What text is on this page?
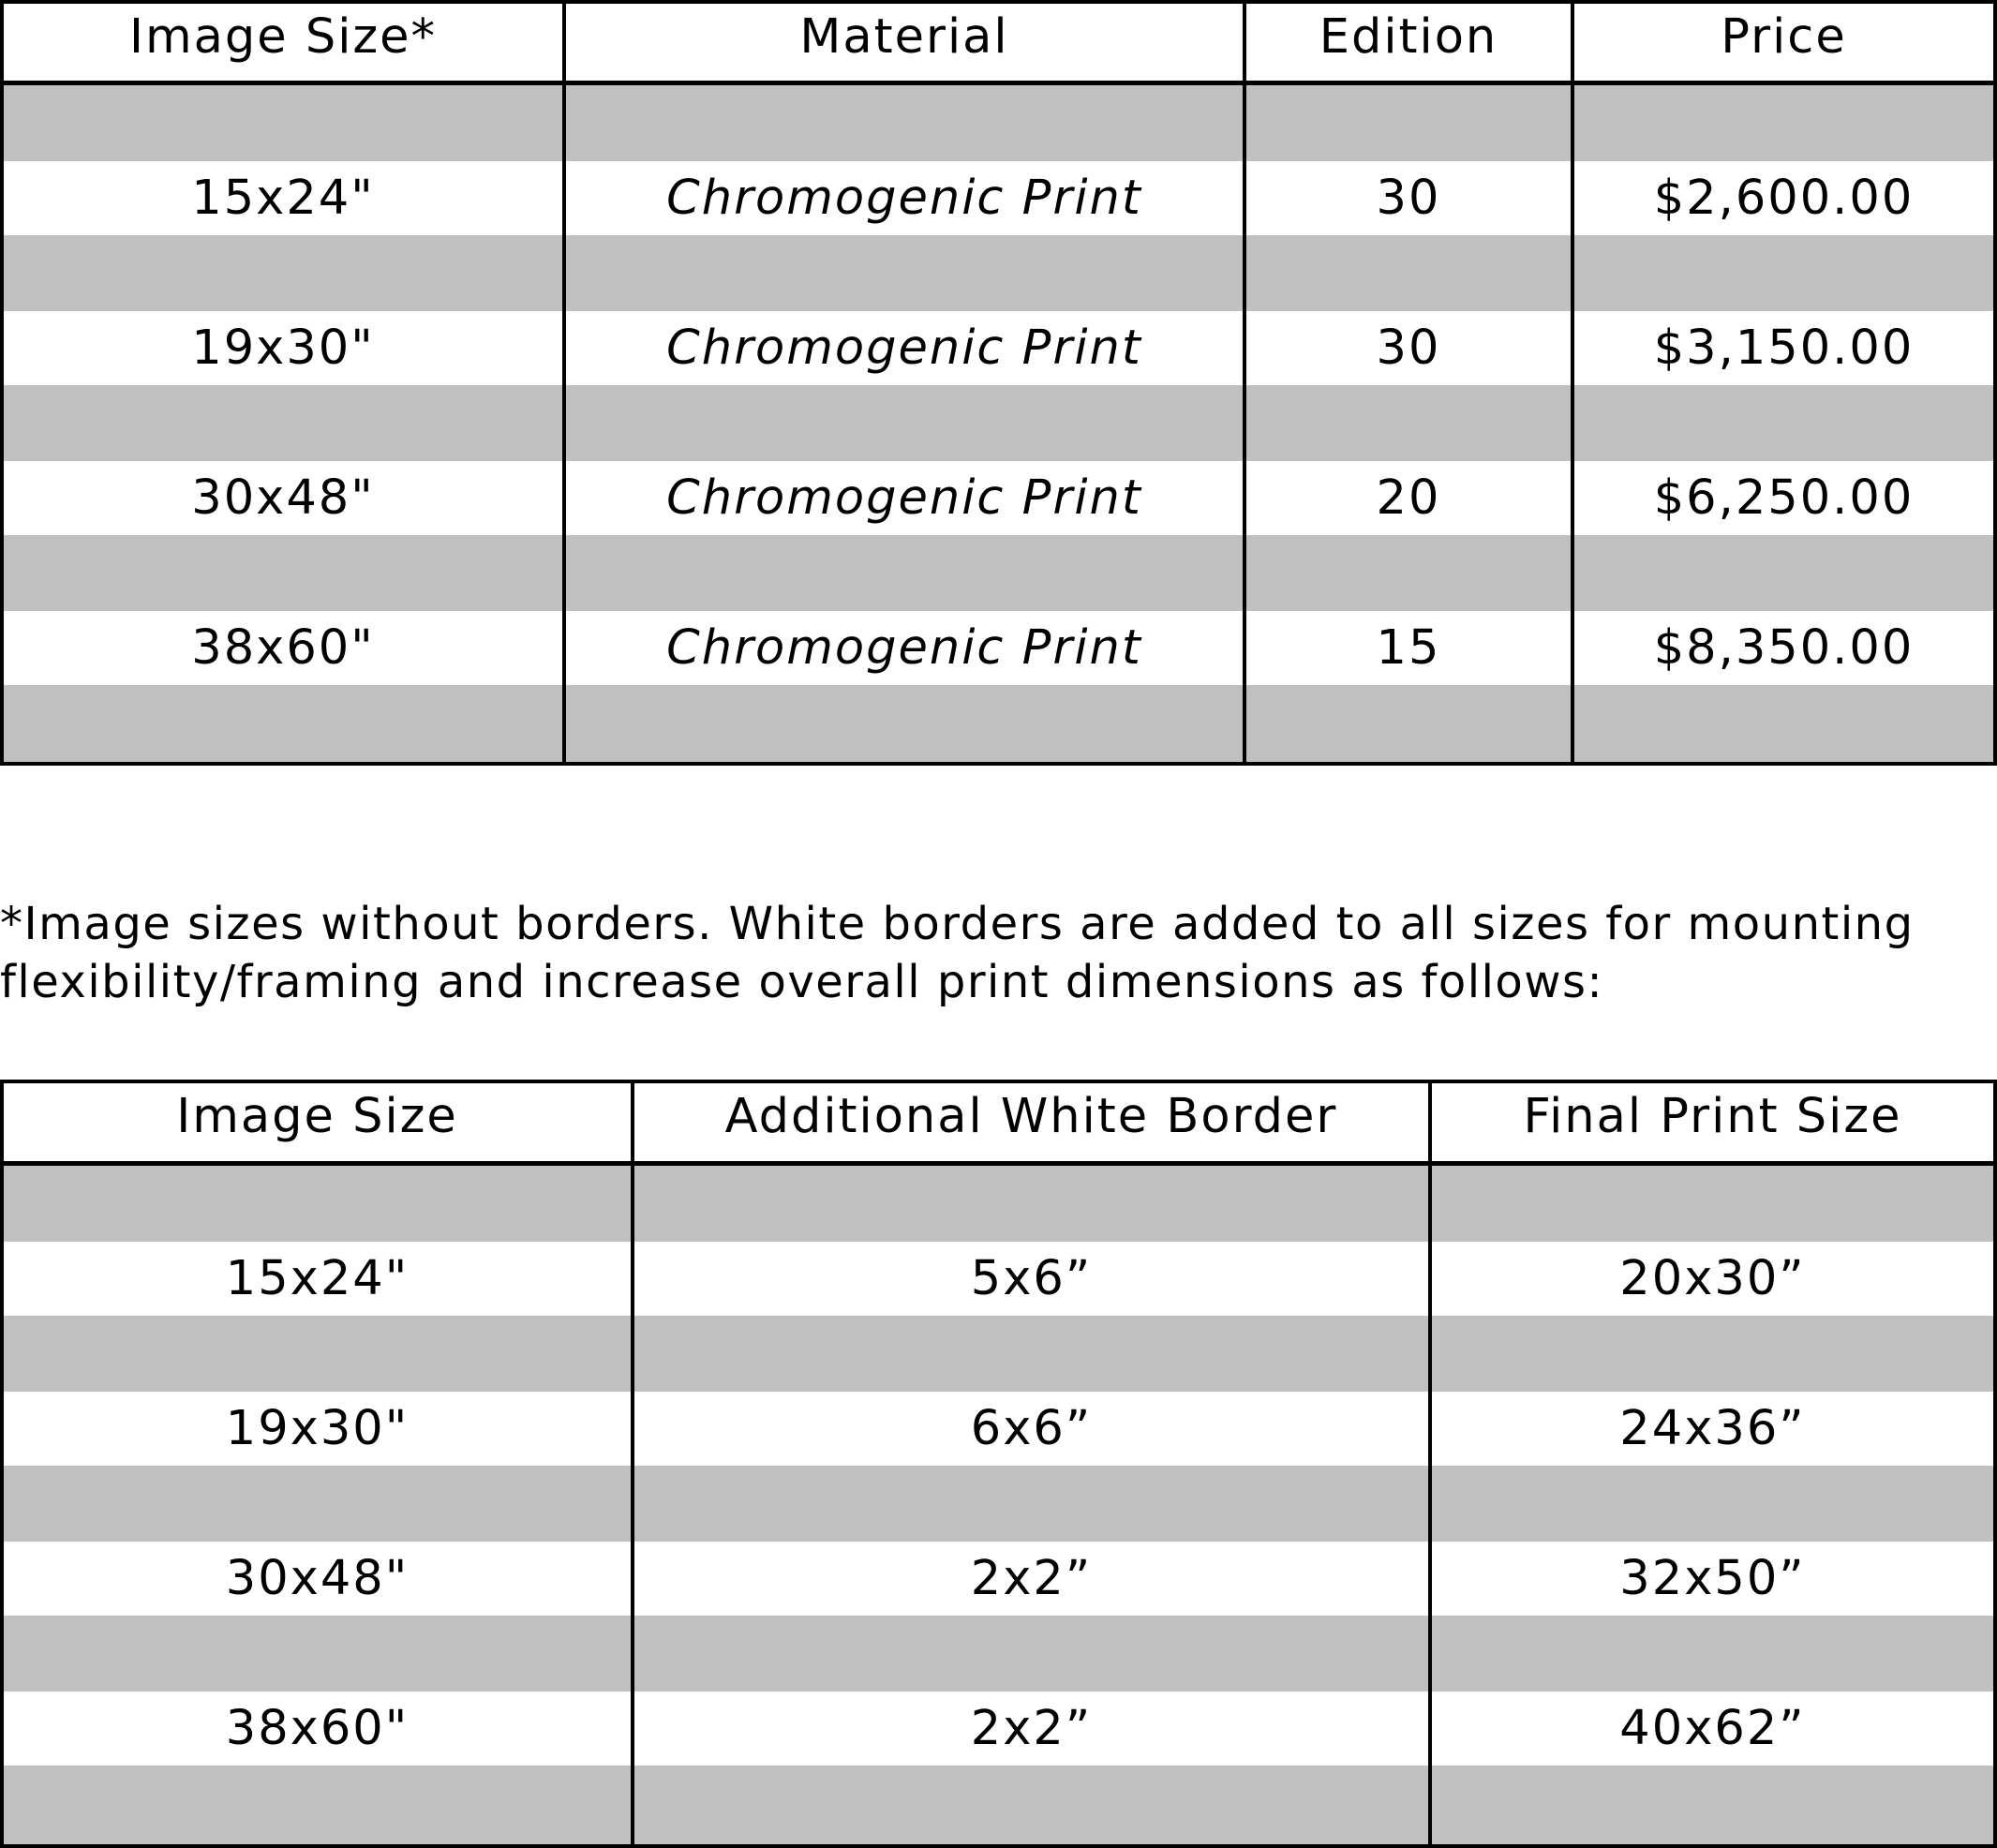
Image Size*	Material	Edition	Price
15x24"	Chromogenic Print	30	$2,600.00
19x30"	Chromogenic Print	30	$3,150.00
30x48"	Chromogenic Print	20	$6,250.00
38x60"	Chromogenic Print	15	$8,350.00

*Image sizes without borders. White borders are added to all sizes for mounting
flexibility/framing and increase overall print dimensions as follows:

Image Size	Additional White Border	Final Print Size
15x24"	5x6”	20x30”
19x30"	6x6”	24x36”
30x48"	2x2”	32x50”
38x60"	2x2”	40x62”
